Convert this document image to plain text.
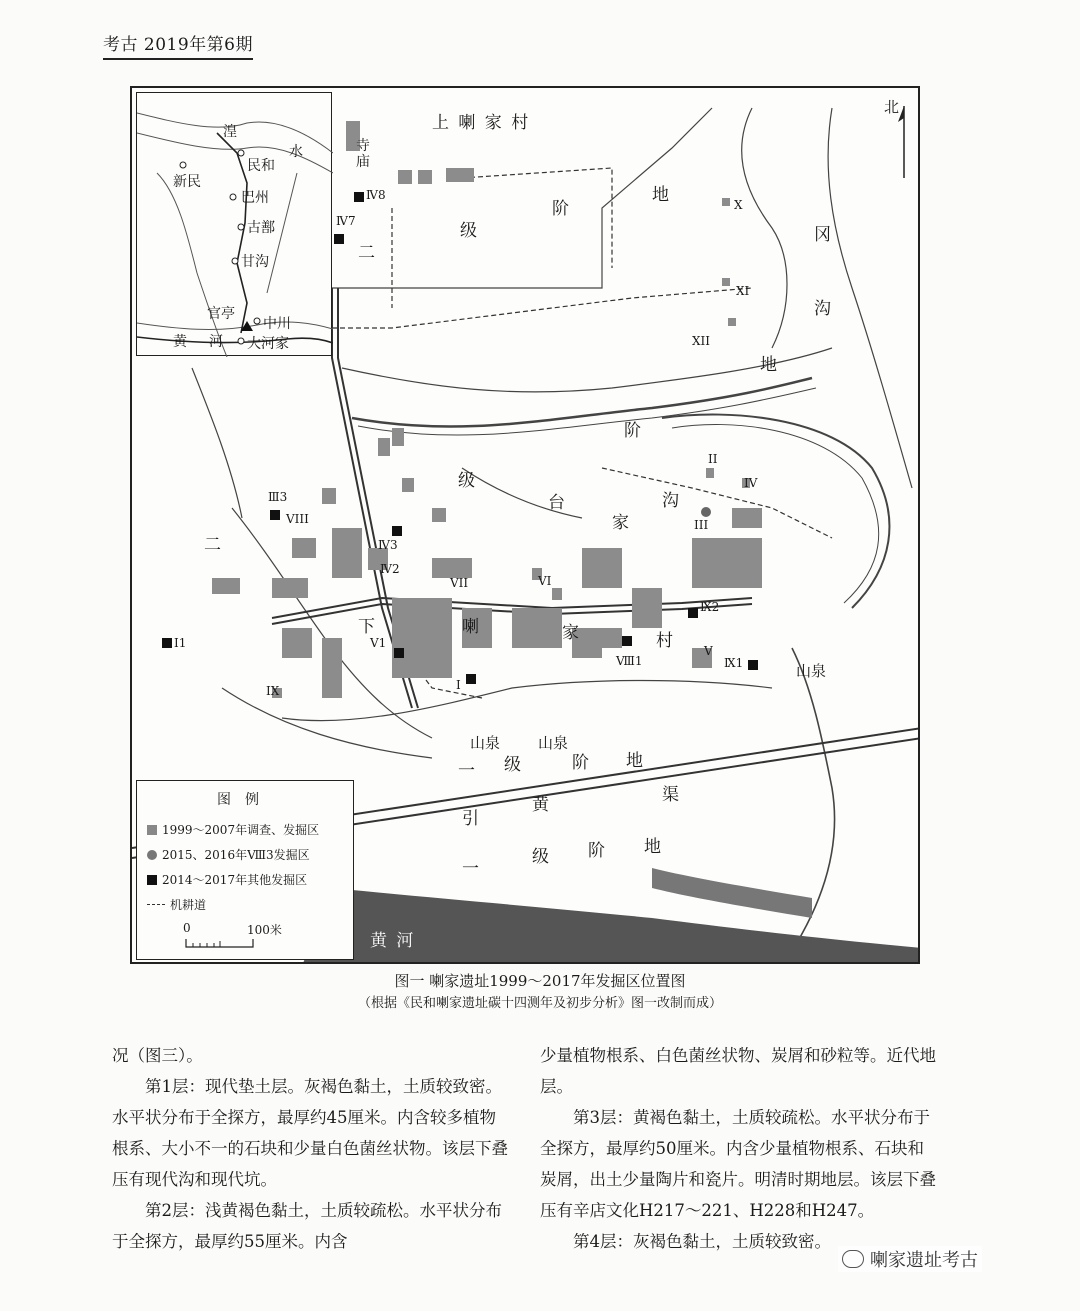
考古 2019年第6期
北
上 喇 家 村
寺庙
二
级
阶
地
地
阶
级
台
家
沟
冈
沟
二
下	喇	家	村
山泉
山泉	山泉
一 级	阶 地
黄	渠
引
一
级 阶 地
黄 河
Ⅳ8
Ⅳ7
X
XI
XII
II
IV
Ⅲ3
VIII
Ⅳ3
Ⅳ2
VII	VI
III
Ⅸ2
V1
Ⅷ1
V
Ⅸ1
Ⅰ1
IX	I
湟
水
民和
新民
巴州
古鄯
甘沟
官亭
中川
黄 河 大河家
图例
1999～2007年调查、发掘区
2015、2016年Ⅷ3发掘区
2014～2017年其他发掘区
机耕道
0	100米
图一 喇家遗址1999～2017年发掘区位置图
（根据《民和喇家遗址碳十四测年及初步分析》图一改制而成）

况（图三）。

第1层：现代垫土层。灰褐色黏土，土质较致密。水平状分布于全探方，最厚约45厘米。内含较多植物根系、大小不一的石块和少量白色菌丝状物。该层下叠压有现代沟和现代坑。

第2层：浅黄褐色黏土，土质较疏松。水平状分布于全探方，最厚约55厘米。内含

少量植物根系、白色菌丝状物、炭屑和砂粒等。近代地层。

第3层：黄褐色黏土，土质较疏松。水平状分布于全探方，最厚约50厘米。内含少量植物根系、石块和炭屑，出土少量陶片和瓷片。明清时期地层。该层下叠压有辛店文化H217～221、H228和H247。

第4层：灰褐色黏土，土质较致密。

喇家遗址考古
